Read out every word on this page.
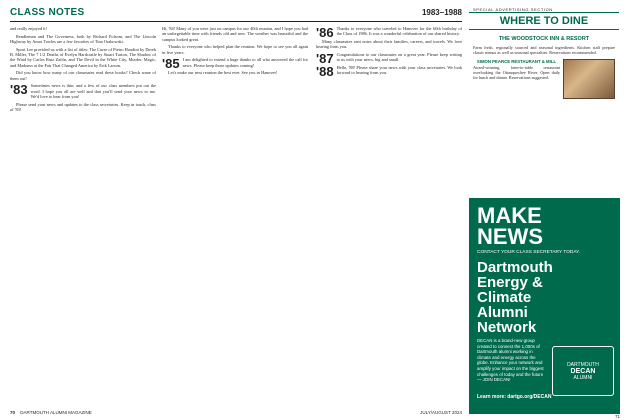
CLASS NOTES	1983–1988

and really enjoyed it!

Rendleman and The Governess, both by Richard Folsom, and The Lincoln Highway by Amor Towles are a few favorites of Tina Orabowski.

Sport Lee provided us with a list of titles: The Curse of Pietro Houdini by Derek B. Miller, The 7 1/2 Deaths of Evelyn Hardcastle by Stuart Turton, The Shadow of the Wind by Carlos Ruiz Zafón, and The Devil in the White City, Murder, Magic, and Madness at the Fair That Changed America by Erik Larson.

Did you know how many of our classmates read these books? Check some of them out!

'83 Sometimes news is thin, and a few of our class members put out the word. I hope you all are well and that you'll send your news to me. We'd love to hear from you!

Please send your news and updates to the class secretaries. Keep in touch, class of '83!

Hi, '84! Many of you were just on campus for our 40th reunion, and I hope you had an unforgettable time with friends old and new. The weather was beautiful and the campus looked great.

Thanks to everyone who helped plan the reunion. We hope to see you all again in five years.

'85 I am delighted to extend a huge thanks to all who answered the call for news. Please keep those updates coming!

Let's make our next reunion the best ever. See you in Hanover!

'86 Thanks to everyone who traveled to Hanover for the 60th birthday of the Class of 1986. It was a wonderful celebration of our shared history.

Many classmates sent notes about their families, careers, and travels. We love hearing from you.

'87 Congratulations to our classmates on a great year. Please keep writing to us with your news, big and small.

'88 Hello, '88! Please share your news with your class secretaries. We look forward to hearing from you.

SPECIAL ADVERTISING SECTION
WHERE TO DINE
THE WOODSTOCK INN & RESORT

Farm fresh, regionally sourced and seasonal ingredients. Kitchen staff prepare classic menus as well as seasonal specialties. Reservations recommended.

SIMON PEARCE RESTAURANT & MILL

Award-winning, farm-to-table restaurant overlooking the Ottauquechee River. Open daily for lunch and dinner. Reservations suggested.

MAKE
NEWS
CONTACT YOUR CLASS SECRETARY TODAY.
Dartmouth
Energy &
Climate
Alumni
Network
DECAN is a brand-new group created to connect the 1,000s of Dartmouth alumni working in climate and energy across the globe. Enhance your network and amplify your impact on the biggest challenges of today and the future — JOIN DECAN!
DARTMOUTH
DECAN
ALUMNI
Learn more: dartgo.org/DECAN
70 DARTMOUTH ALUMNI MAGAZINE	JULY/AUGUST 2024
71
